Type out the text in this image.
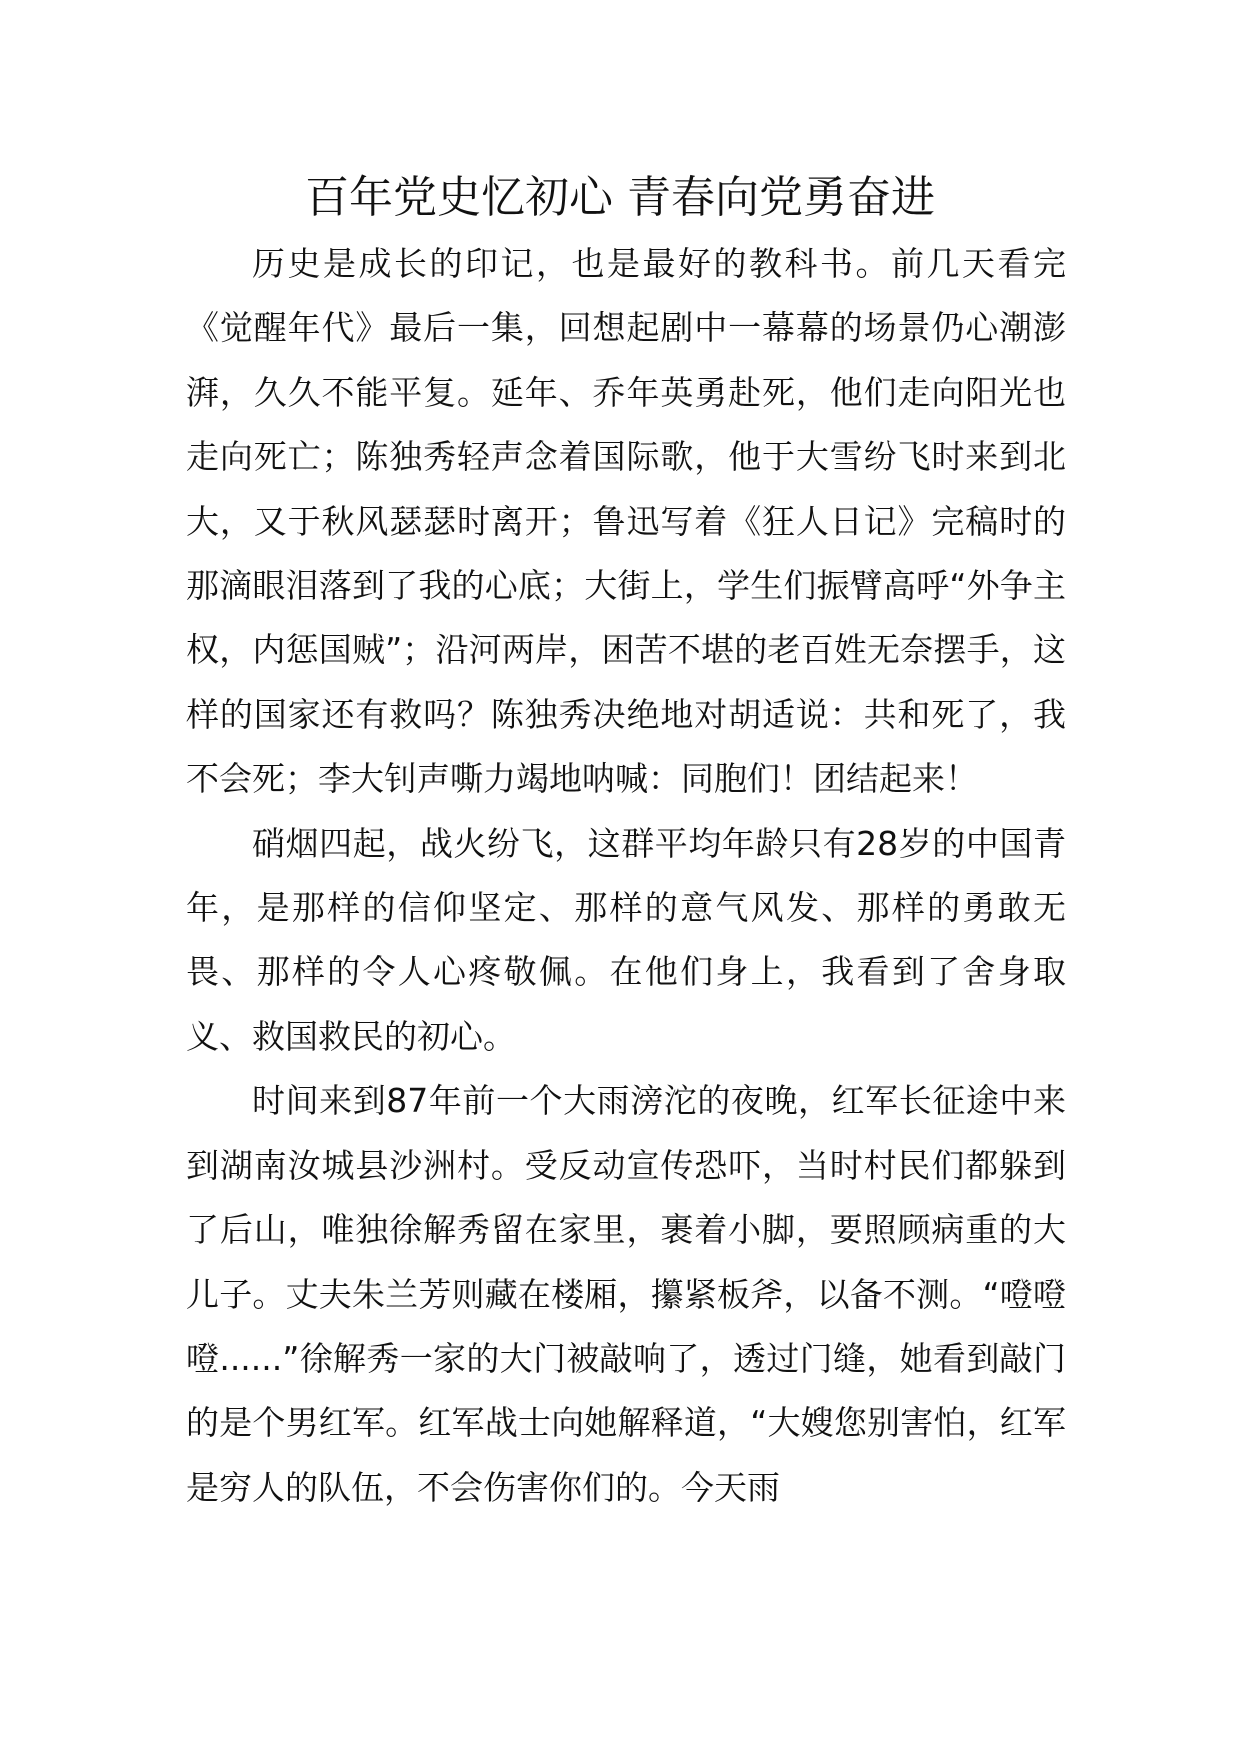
百年党史忆初心 青春向党勇奋进

历史是成长的印记，也是最好的教科书。前几天看完《觉醒年代》最后一集，回想起剧中一幕幕的场景仍心潮澎湃，久久不能平复。延年、乔年英勇赴死，他们走向阳光也走向死亡；陈独秀轻声念着国际歌，他于大雪纷飞时来到北大，又于秋风瑟瑟时离开；鲁迅写着《狂人日记》完稿时的那滴眼泪落到了我的心底；大街上，学生们振臂高呼“外争主权，内惩国贼”；沿河两岸，困苦不堪的老百姓无奈摆手，这样的国家还有救吗？陈独秀决绝地对胡适说：共和死了，我不会死；李大钊声嘶力竭地呐喊：同胞们！团结起来！

硝烟四起，战火纷飞，这群平均年龄只有28岁的中国青年，是那样的信仰坚定、那样的意气风发、那样的勇敢无畏、那样的令人心疼敬佩。在他们身上，我看到了舍身取义、救国救民的初心。

时间来到87年前一个大雨滂沱的夜晚，红军长征途中来到湖南汝城县沙洲村。受反动宣传恐吓，当时村民们都躲到了后山，唯独徐解秀留在家里，裹着小脚，要照顾病重的大儿子。丈夫朱兰芳则藏在楼厢，攥紧板斧，以备不测。“噔噔噔......”徐解秀一家的大门被敲响了，透过门缝，她看到敲门的是个男红军。红军战士向她解释道，“大嫂您别害怕，红军是穷人的队伍，不会伤害你们的。今天雨
